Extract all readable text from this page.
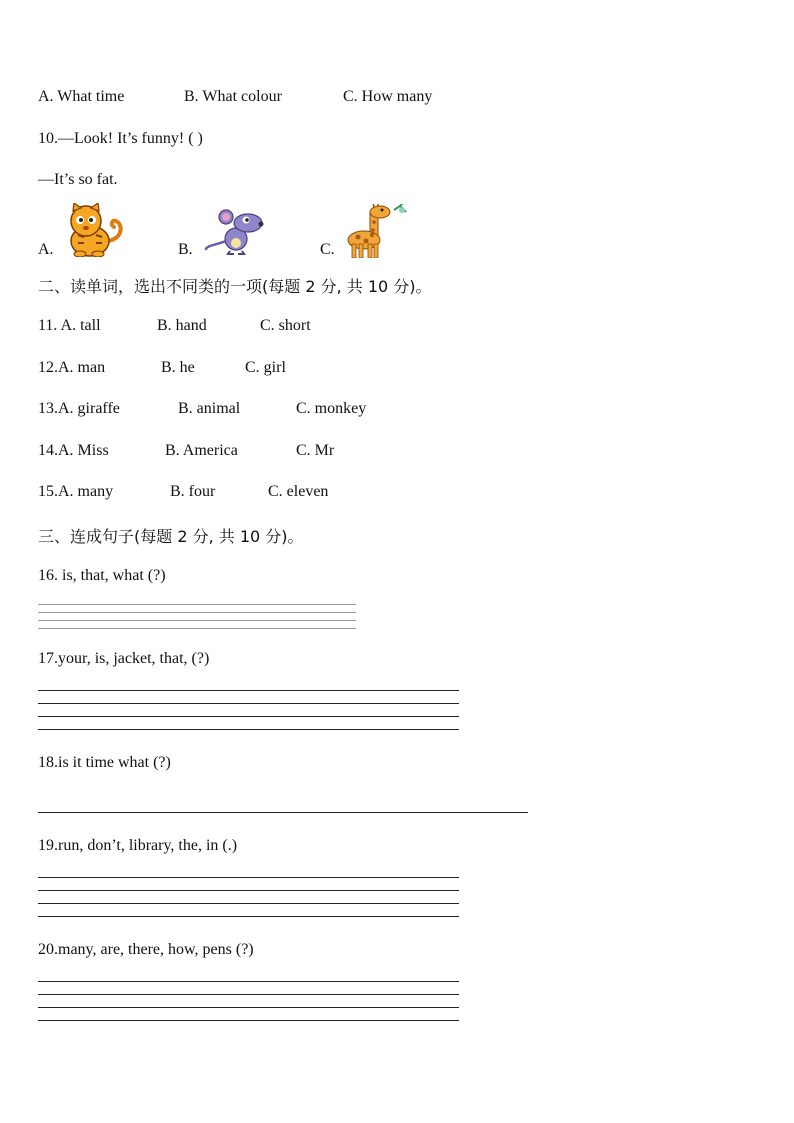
A. What time	B. What colour	C. How many
10.—Look! It’s funny! ( )
—It’s so fat.
A.	B.	C.
二、读单词，选出不同类的一项(每题 2 分, 共 10 分)。
11. A. tall	B. hand	C. short
12.A. man	B. he	C. girl
13.A. giraffe	B. animal	C. monkey
14.A. Miss	B. America	C. Mr
15.A. many	B. four	C. eleven
三、连成句子(每题 2 分, 共 10 分)。
16. is, that, what (?)
17.your, is, jacket, that, (?)
18.is it time what (?)
19.run, don’t, library, the, in (.)
20.many, are, there, how, pens (?)
